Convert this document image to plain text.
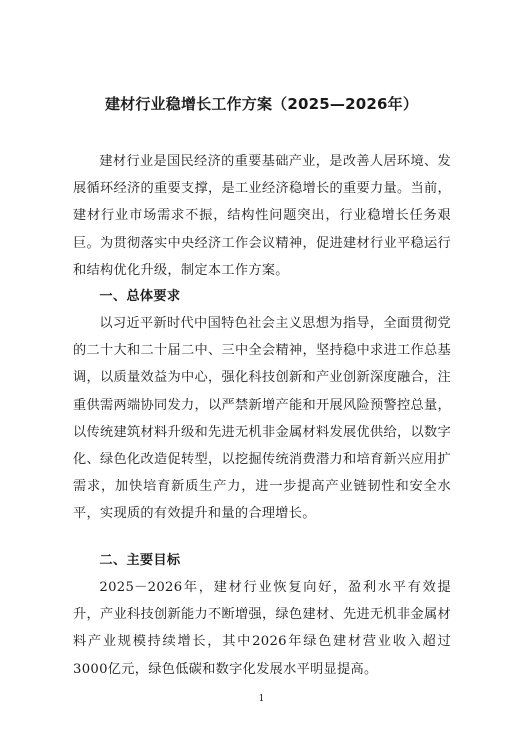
建材行业稳增长工作方案（2025—2026年）

建材行业是国民经济的重要基础产业，是改善人居环境、发展循环经济的重要支撑，是工业经济稳增长的重要力量。当前，建材行业市场需求不振，结构性问题突出，行业稳增长任务艰巨。为贯彻落实中央经济工作会议精神，促进建材行业平稳运行和结构优化升级，制定本工作方案。

一、总体要求

以习近平新时代中国特色社会主义思想为指导，全面贯彻党的二十大和二十届二中、三中全会精神，坚持稳中求进工作总基调，以质量效益为中心，强化科技创新和产业创新深度融合，注重供需两端协同发力，以严禁新增产能和开展风险预警控总量，以传统建筑材料升级和先进无机非金属材料发展优供给，以数字化、绿色化改造促转型，以挖掘传统消费潜力和培育新兴应用扩需求，加快培育新质生产力，进一步提高产业链韧性和安全水平，实现质的有效提升和量的合理增长。

二、主要目标

2025－2026年，建材行业恢复向好，盈利水平有效提升，产业科技创新能力不断增强，绿色建材、先进无机非金属材料产业规模持续增长，其中2026年绿色建材营业收入超过3000亿元，绿色低碳和数字化发展水平明显提高。

1
